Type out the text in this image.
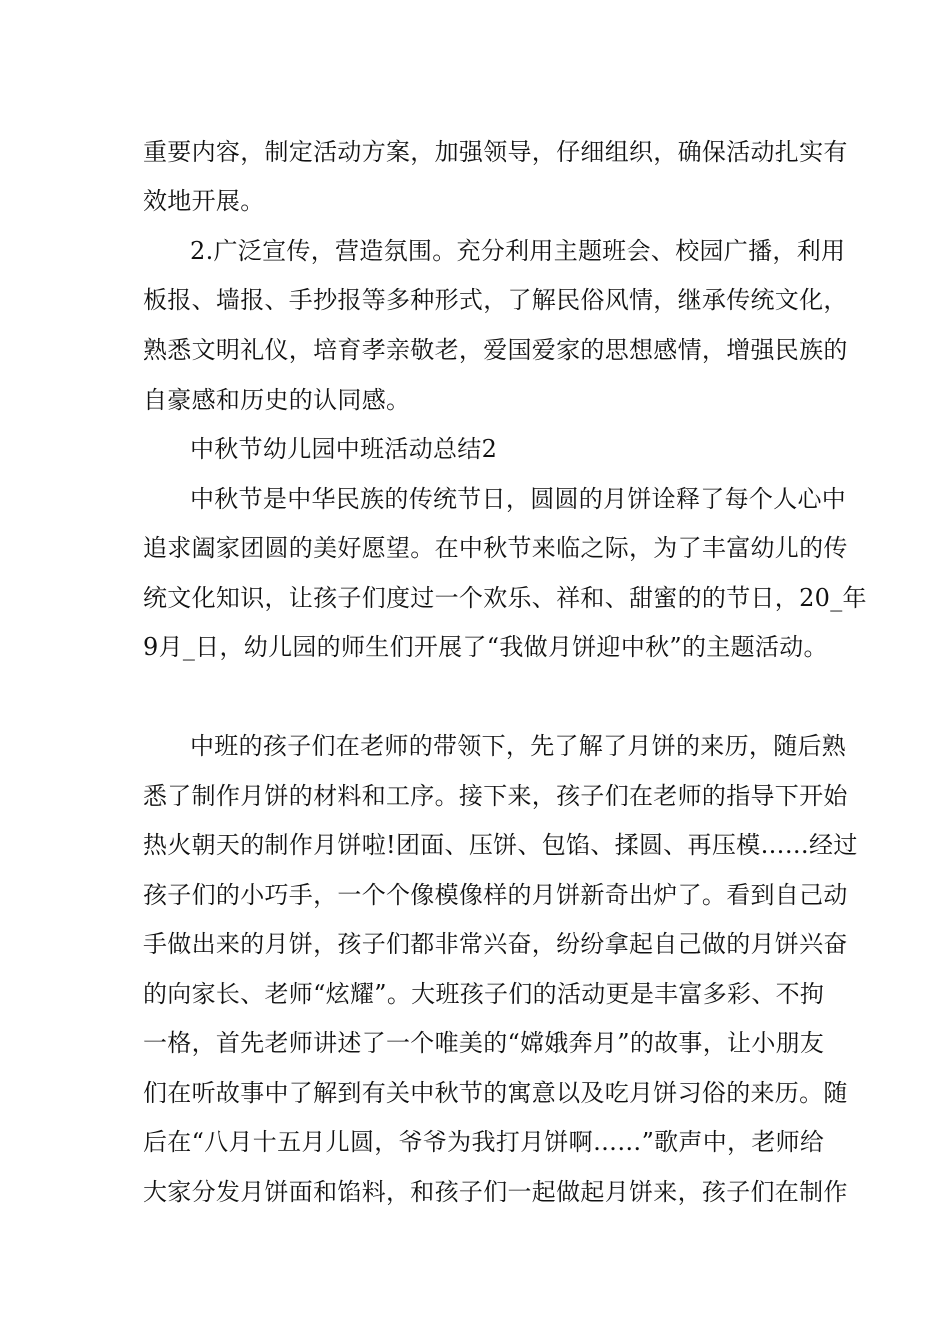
重要内容，制定活动方案，加强领导，仔细组织，确保活动扎实有
效地开展。
2.广泛宣传，营造氛围。充分利用主题班会、校园广播，利用
板报、墙报、手抄报等多种形式，了解民俗风情，继承传统文化，
熟悉文明礼仪，培育孝亲敬老，爱国爱家的思想感情，增强民族的
自豪感和历史的认同感。
中秋节幼儿园中班活动总结2
中秋节是中华民族的传统节日，圆圆的月饼诠释了每个人心中
追求阖家团圆的美好愿望。在中秋节来临之际，为了丰富幼儿的传
统文化知识，让孩子们度过一个欢乐、祥和、甜蜜的的节日，20_年
9月_日，幼儿园的师生们开展了“我做月饼迎中秋”的主题活动。
中班的孩子们在老师的带领下，先了解了月饼的来历，随后熟
悉了制作月饼的材料和工序。接下来，孩子们在老师的指导下开始
热火朝天的制作月饼啦!团面、压饼、包馅、揉圆、再压模……经过
孩子们的小巧手，一个个像模像样的月饼新奇出炉了。看到自己动
手做出来的月饼，孩子们都非常兴奋，纷纷拿起自己做的月饼兴奋
的向家长、老师“炫耀”。大班孩子们的活动更是丰富多彩、不拘
一格，首先老师讲述了一个唯美的“嫦娥奔月”的故事，让小朋友
们在听故事中了解到有关中秋节的寓意以及吃月饼习俗的来历。随
后在“八月十五月儿圆，爷爷为我打月饼啊……”歌声中，老师给
大家分发月饼面和馅料，和孩子们一起做起月饼来，孩子们在制作
